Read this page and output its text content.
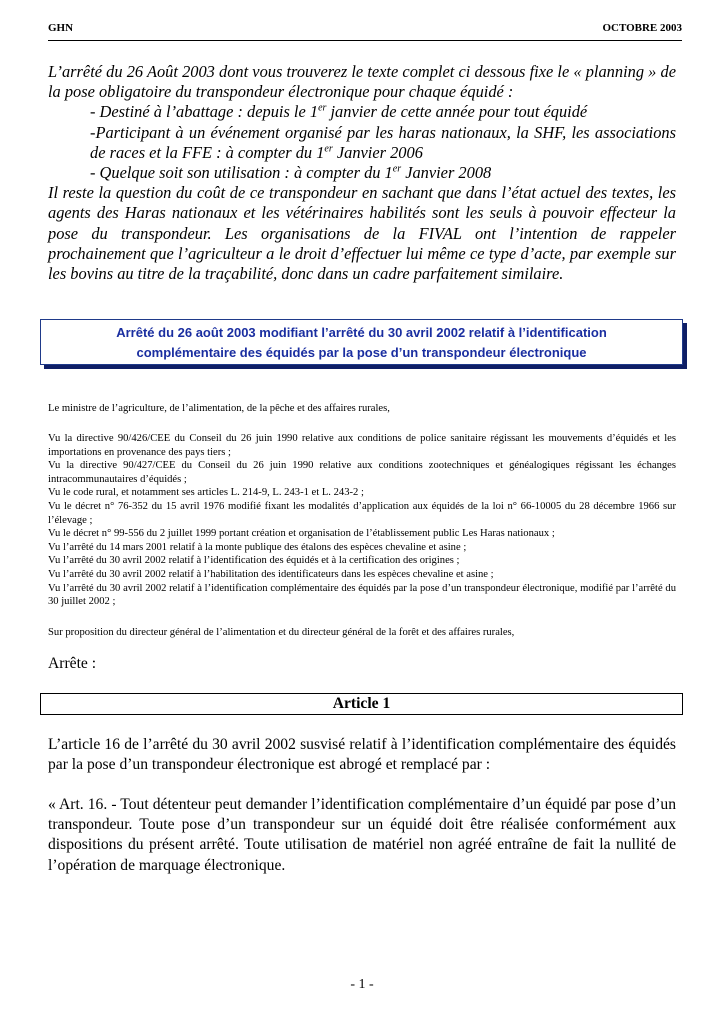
GHN	OCTOBRE 2003

L’arrêté du 26 Août 2003 dont vous trouverez le texte complet ci dessous fixe le « planning » de la pose obligatoire du transpondeur électronique pour chaque équidé :

- Destiné à l’abattage : depuis le 1er janvier de cette année pour tout équidé

-Participant à un événement organisé par les haras nationaux, la SHF, les associations de races et la FFE : à compter du 1er Janvier 2006

- Quelque soit son utilisation : à compter du 1er Janvier 2008

Il reste la question du coût de ce transpondeur en sachant que dans l’état actuel des textes, les agents des Haras nationaux et les vétérinaires habilités sont les seuls à pouvoir effecteur la pose du transpondeur. Les organisations de la FIVAL ont l’intention de rappeler prochainement que l’agriculteur a le droit d’effectuer lui même ce type d’acte, par exemple sur les bovins au titre de la traçabilité, donc dans un cadre parfaitement similaire.

Arrêté du 26 août 2003 modifiant l’arrêté du 30 avril 2002 relatif à l’identification
complémentaire des équidés par la pose d’un transpondeur électronique

Le ministre de l’agriculture, de l’alimentation, de la pêche et des affaires rurales,

Vu la directive 90/426/CEE du Conseil du 26 juin 1990 relative aux conditions de police sanitaire régissant les mouvements d’équidés et les importations en provenance des pays tiers ;

Vu la directive 90/427/CEE du Conseil du 26 juin 1990 relative aux conditions zootechniques et généalogiques régissant les échanges intracommunautaires d’équidés ;

Vu le code rural, et notamment ses articles L. 214-9, L. 243-1 et L. 243-2 ;

Vu le décret n° 76-352 du 15 avril 1976 modifié fixant les modalités d’application aux équidés de la loi n° 66-10005 du 28 décembre 1966 sur l’élevage ;

Vu le décret n° 99-556 du 2 juillet 1999 portant création et organisation de l’établissement public Les Haras nationaux ;

Vu l’arrêté du 14 mars 2001 relatif à la monte publique des étalons des espèces chevaline et asine ;

Vu l’arrêté du 30 avril 2002 relatif à l’identification des équidés et à la certification des origines ;

Vu l’arrêté du 30 avril 2002 relatif à l’habilitation des identificateurs dans les espèces chevaline et asine ;

Vu l’arrêté du 30 avril 2002 relatif à l’identification complémentaire des équidés par la pose d’un transpondeur électronique, modifié par l’arrêté du 30 juillet 2002 ;

Sur proposition du directeur général de l’alimentation et du directeur général de la forêt et des affaires rurales,

Arrête :
Article 1

L’article 16 de l’arrêté du 30 avril 2002 susvisé relatif à l’identification complémentaire des équidés par la pose d’un transpondeur électronique est abrogé et remplacé par :

« Art. 16. - Tout détenteur peut demander l’identification complémentaire d’un équidé par pose d’un transpondeur. Toute pose d’un transpondeur sur un équidé doit être réalisée conformément aux dispositions du présent arrêté. Toute utilisation de matériel non agréé entraîne de fait la nullité de l’opération de marquage électronique.

- 1 -
